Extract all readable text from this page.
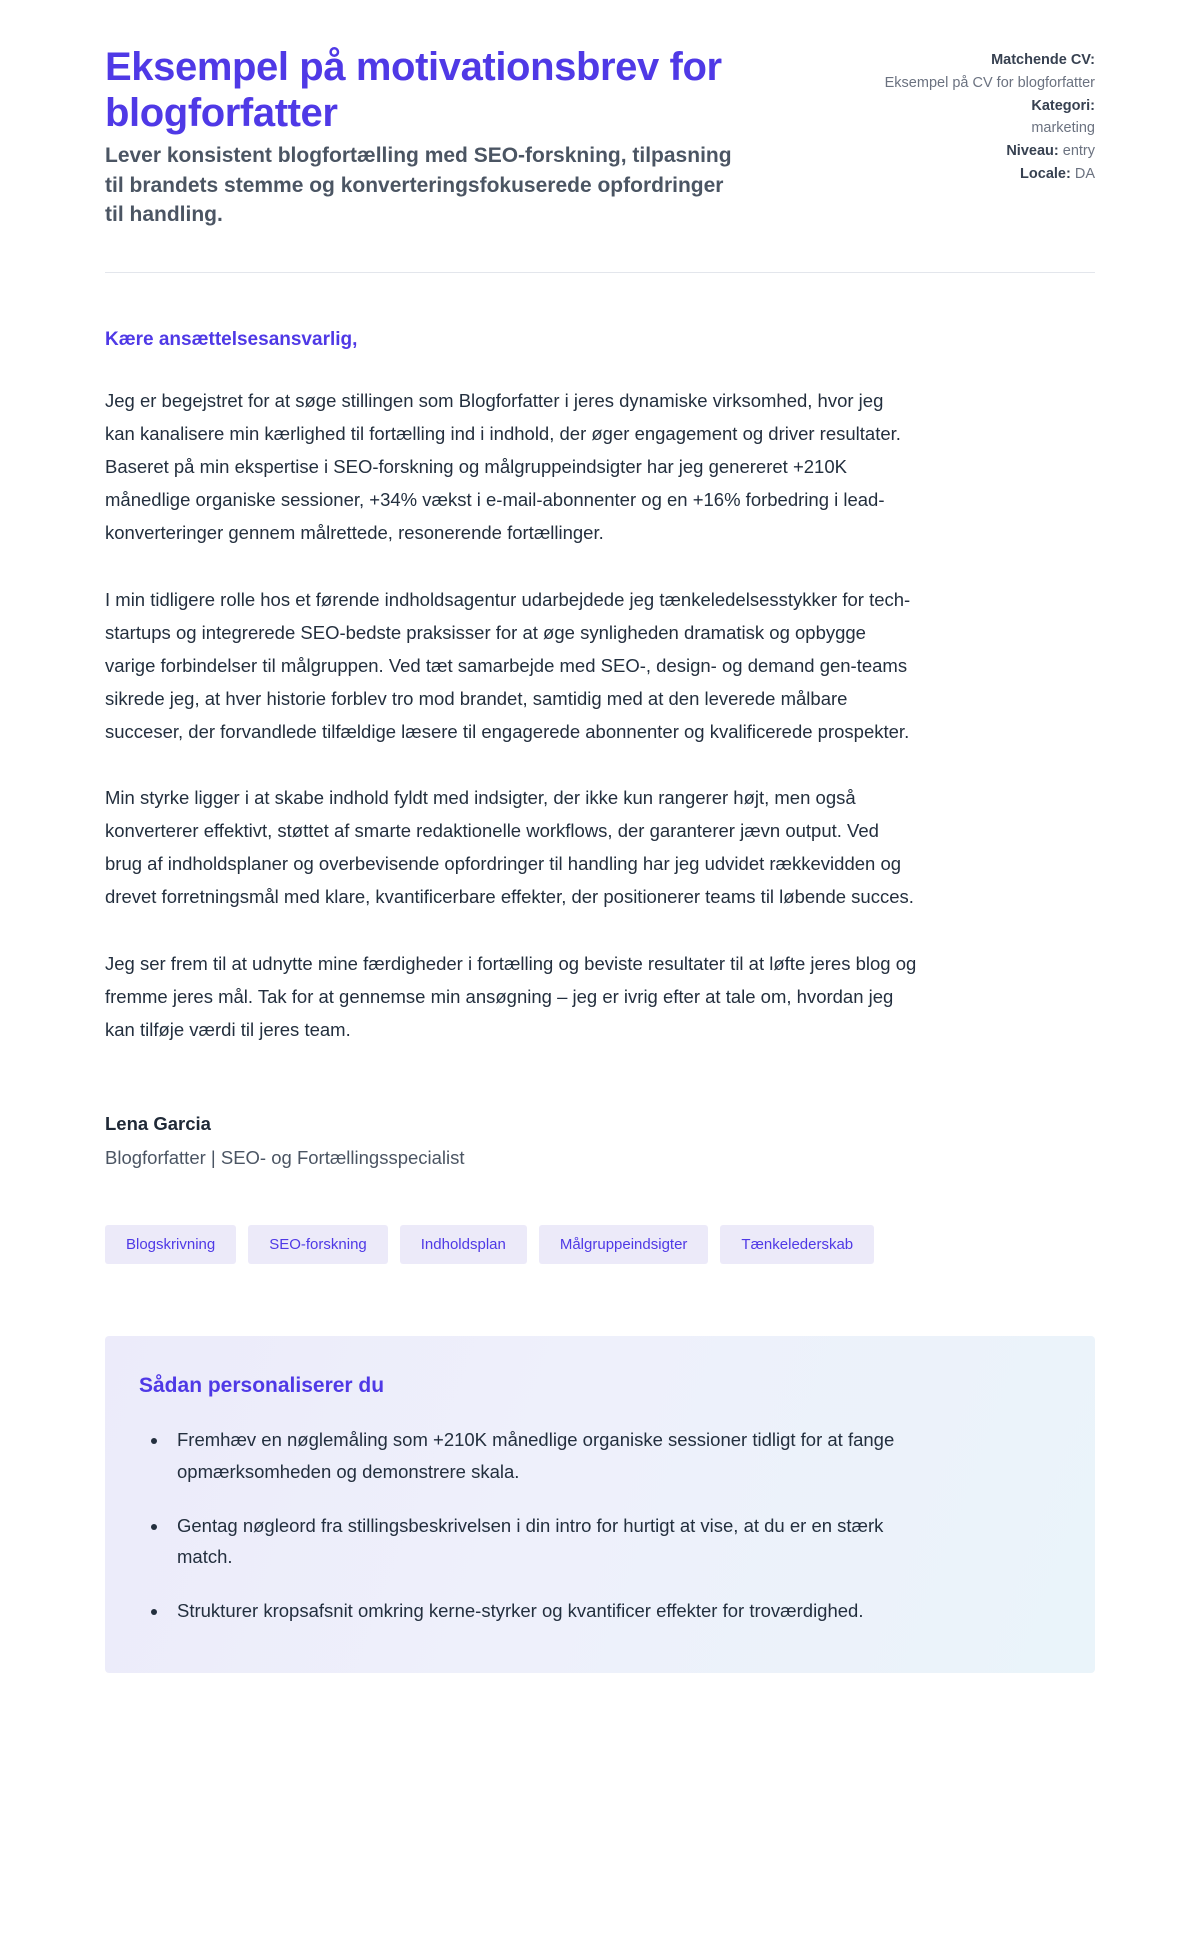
Eksempel på motivationsbrev for blogforfatter

Lever konsistent blogfortælling med SEO-forskning, tilpasning til brandets stemme og konverteringsfokuserede opfordringer til handling.

Matchende CV:
Eksempel på CV for blogforfatter
Kategori:
marketing
Niveau: entry
Locale: DA

Kære ansættelsesansvarlig,

Jeg er begejstret for at søge stillingen som Blogforfatter i jeres dynamiske virksomhed, hvor jeg kan kanalisere min kærlighed til fortælling ind i indhold, der øger engagement og driver resultater. Baseret på min ekspertise i SEO-forskning og målgruppeindsigter har jeg genereret +210K månedlige organiske sessioner, +34% vækst i e-mail-abonnenter og en +16% forbedring i lead-konverteringer gennem målrettede, resonerende fortællinger.

I min tidligere rolle hos et førende indholdsagentur udarbejdede jeg tænkeledelsesstykker for tech-startups og integrerede SEO-bedste praksisser for at øge synligheden dramatisk og opbygge varige forbindelser til målgruppen. Ved tæt samarbejde med SEO-, design- og demand gen-teams sikrede jeg, at hver historie forblev tro mod brandet, samtidig med at den leverede målbare succeser, der forvandlede tilfældige læsere til engagerede abonnenter og kvalificerede prospekter.

Min styrke ligger i at skabe indhold fyldt med indsigter, der ikke kun rangerer højt, men også konverterer effektivt, støttet af smarte redaktionelle workflows, der garanterer jævn output. Ved brug af indholdsplaner og overbevisende opfordringer til handling har jeg udvidet rækkevidden og drevet forretningsmål med klare, kvantificerbare effekter, der positionerer teams til løbende succes.

Jeg ser frem til at udnytte mine færdigheder i fortælling og beviste resultater til at løfte jeres blog og fremme jeres mål. Tak for at gennemse min ansøgning – jeg er ivrig efter at tale om, hvordan jeg kan tilføje værdi til jeres team.

Lena Garcia

Blogforfatter | SEO- og Fortællingsspecialist

Blogskrivning	SEO-forskning	Indholdsplan	Målgruppeindsigter	Tænkelederskab
Sådan personaliserer du
• Fremhæv en nøglemåling som +210K månedlige organiske sessioner tidligt for at fange opmærksomheden og demonstrere skala.
• Gentag nøgleord fra stillingsbeskrivelsen i din intro for hurtigt at vise, at du er en stærk match.
• Strukturer kropsafsnit omkring kerne-styrker og kvantificer effekter for troværdighed.
